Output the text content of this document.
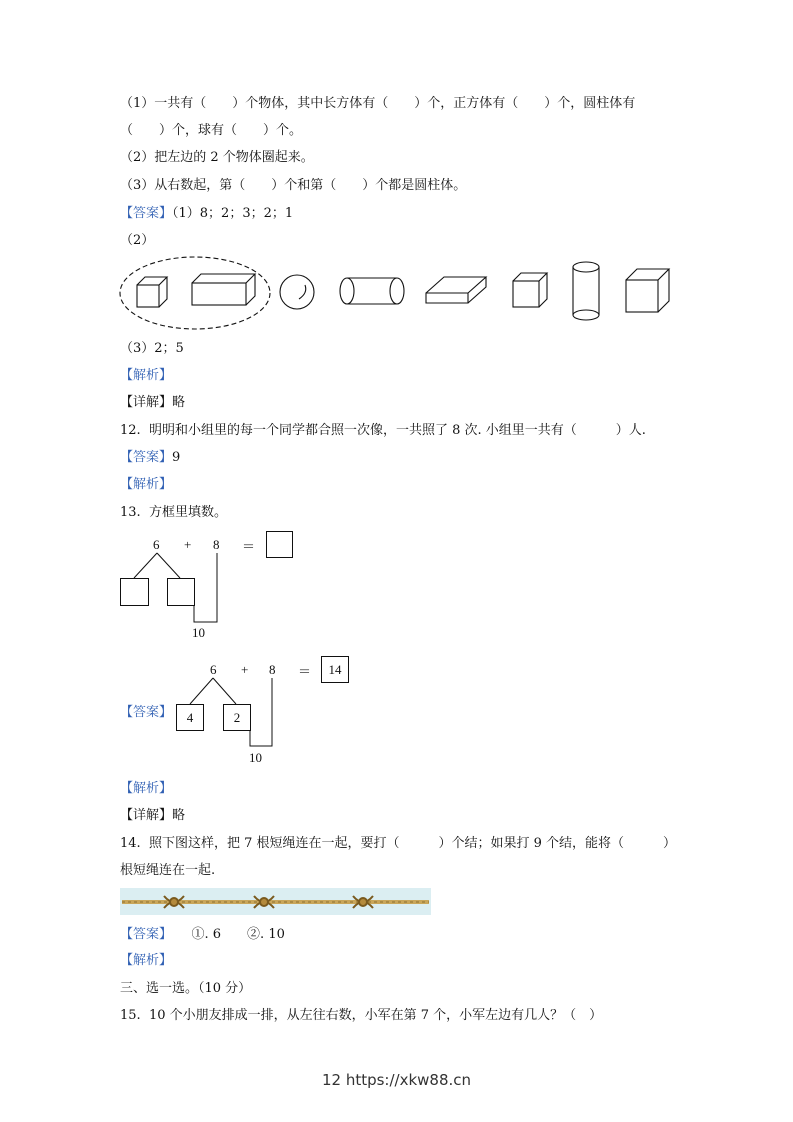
（1）一共有（　　）个物体，其中长方体有（　　）个，正方体有（　　）个，圆柱体有
（　　）个，球有（　　）个。
（2）把左边的 2 个物体圈起来。
（3）从右数起，第（　　）个和第（　　）个都是圆柱体。
【答案】（1）8；2；3；2；1
（2）
（3）2；5
【解析】
【详解】略
12.  明明和小组里的每一个同学都合照一次像，一共照了 8 次. 小组里一共有（　　　）人.
【答案】9
【解析】
13.  方框里填数。
6 + 8 ＝
10
【答案】
6 + 8 ＝	14
4	2
10
【解析】
【详解】略
14.  照下图这样，把 7 根短绳连在一起，要打（　　　）个结；如果打 9 个结，能将（　　　）
根短绳连在一起.
【答案】　　①. 6　　②. 10
【解析】
三、选一选。（10 分）
15.  10 个小朋友排成一排，从左往右数，小军在第 7 个，小军左边有几人？（　）
12 https://xkw88.cn
